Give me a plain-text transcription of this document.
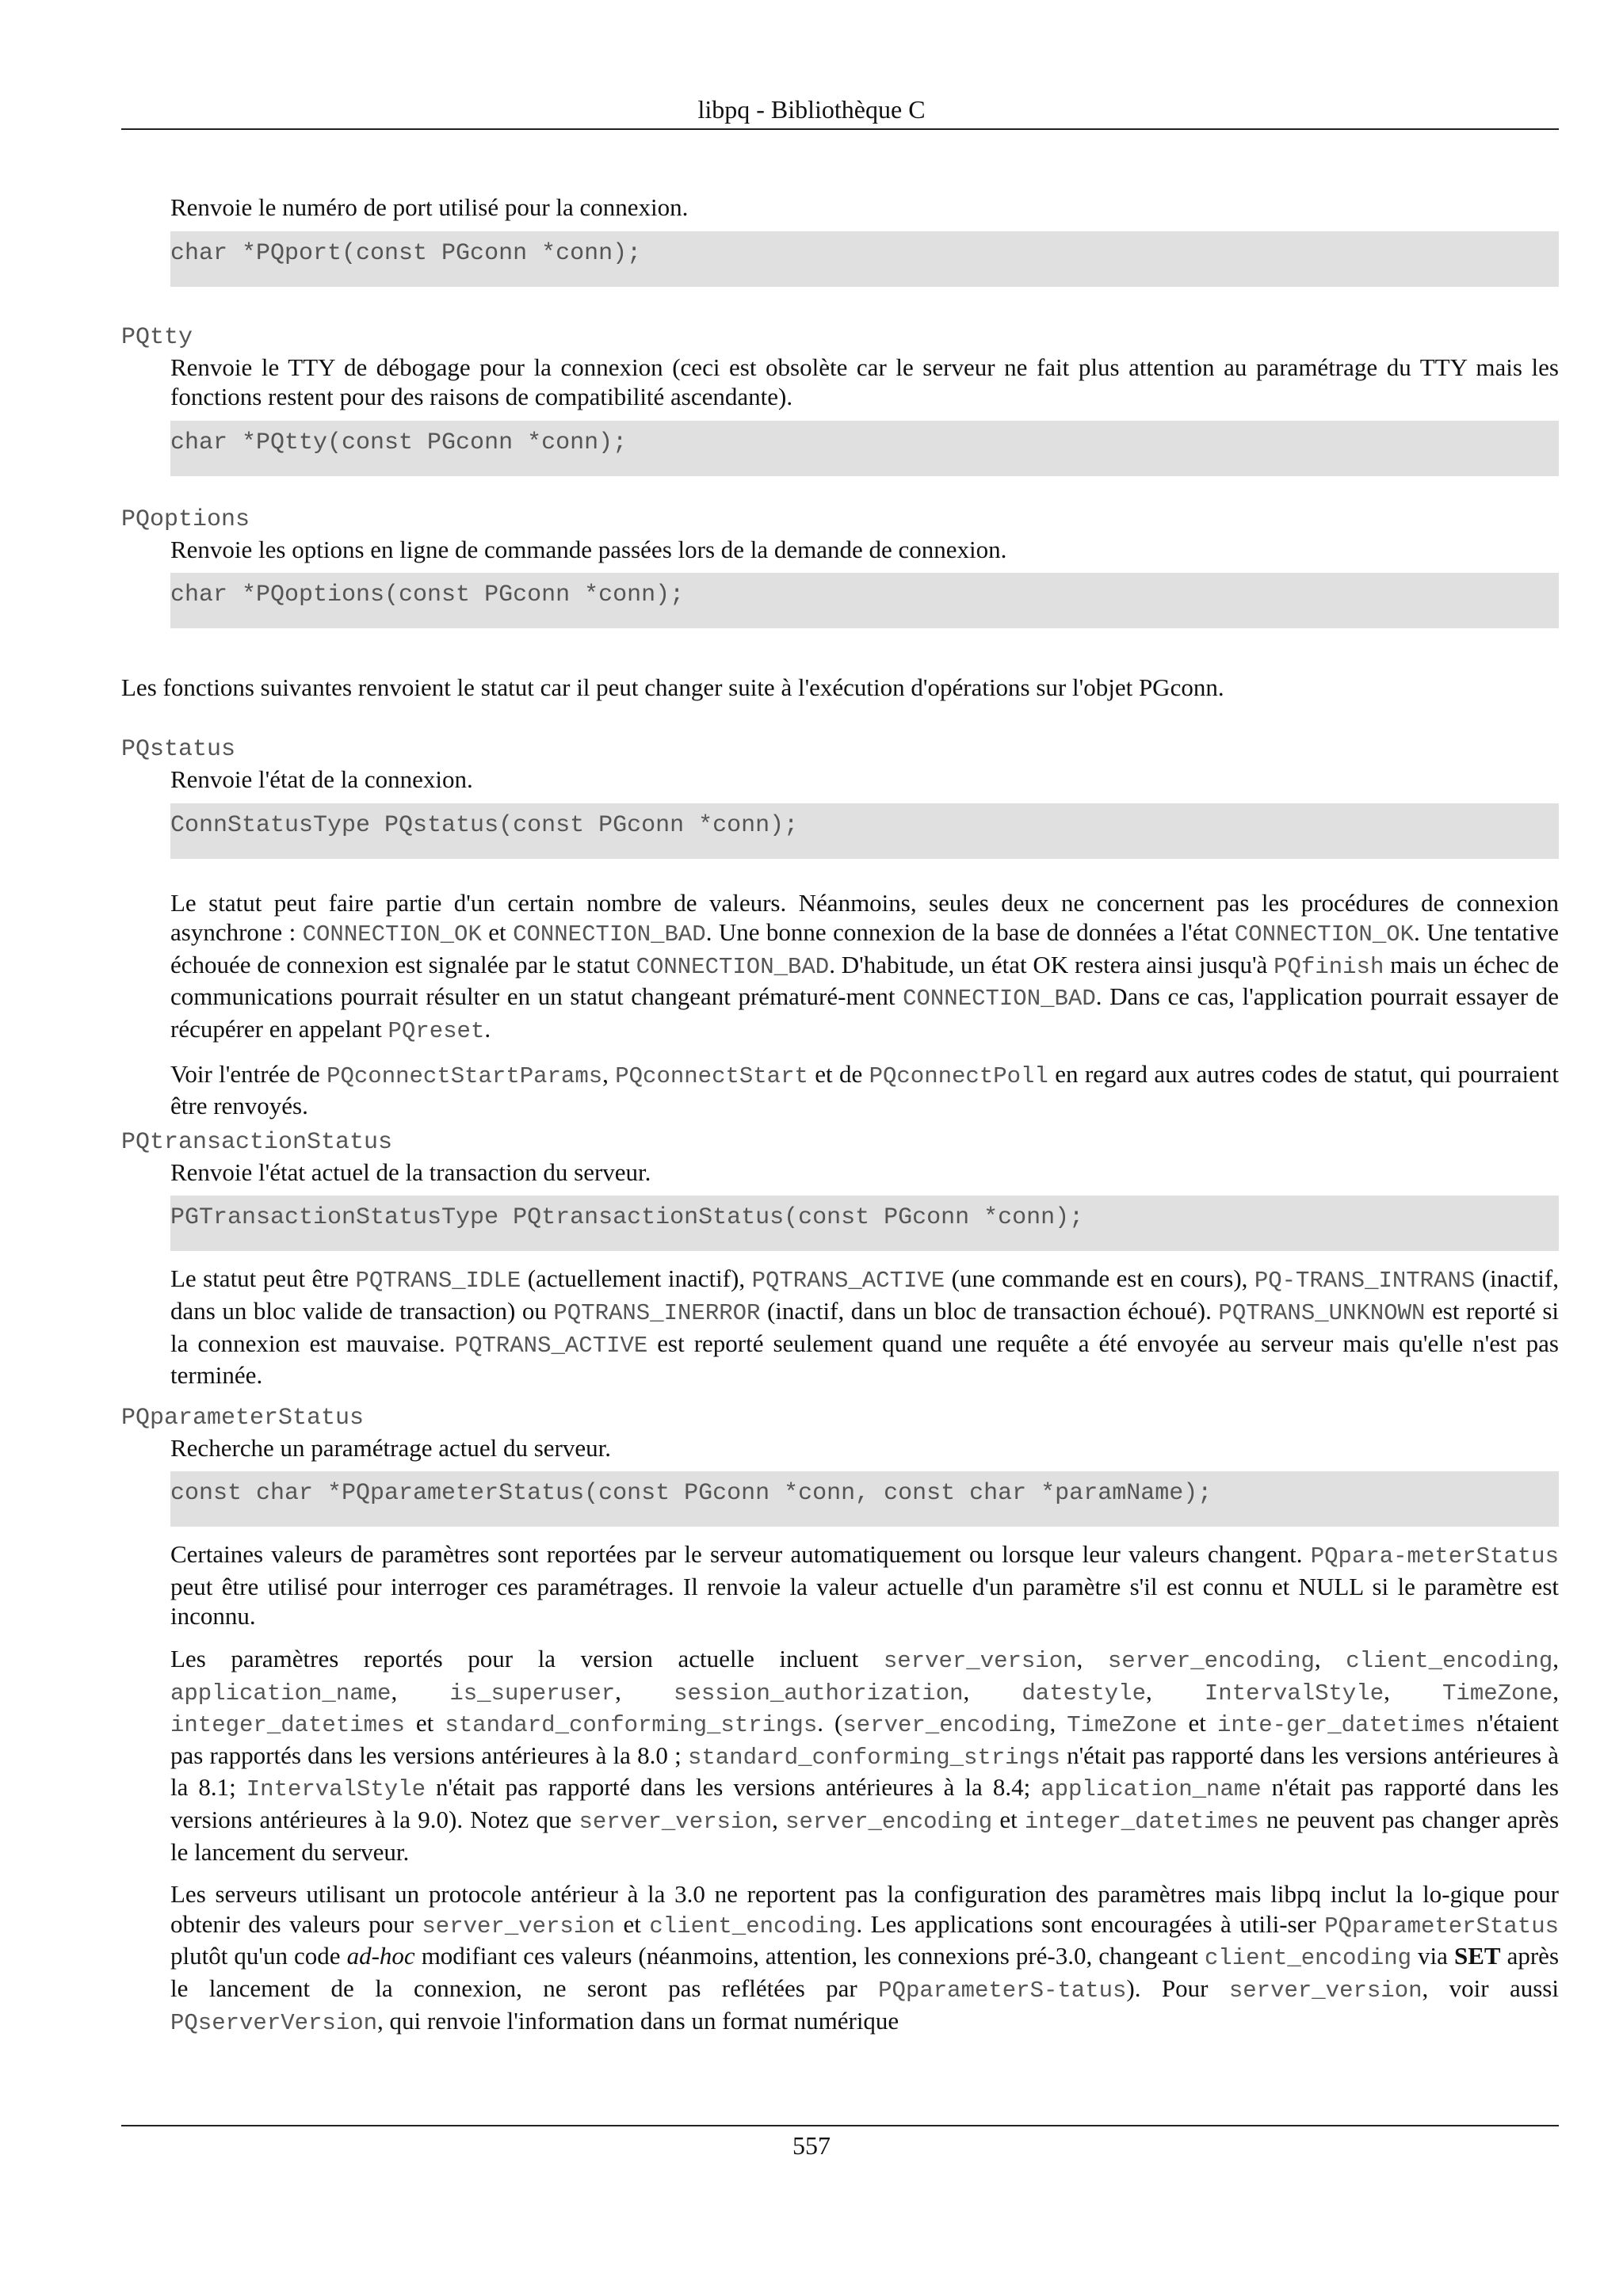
libpq - Bibliothèque C

Renvoie le numéro de port utilisé pour la connexion.

char *PQport(const PGconn *conn);
PQtty

Renvoie le TTY de débogage pour la connexion (ceci est obsolète car le serveur ne fait plus attention au paramétrage du TTY mais les fonctions restent pour des raisons de compatibilité ascendante).

char *PQtty(const PGconn *conn);
PQoptions

Renvoie les options en ligne de commande passées lors de la demande de connexion.

char *PQoptions(const PGconn *conn);

Les fonctions suivantes renvoient le statut car il peut changer suite à l'exécution d'opérations sur l'objet PGconn.

PQstatus

Renvoie l'état de la connexion.

ConnStatusType PQstatus(const PGconn *conn);

Le statut peut faire partie d'un certain nombre de valeurs. Néanmoins, seules deux ne concernent pas les procédures de connexion asynchrone : CONNECTION_OK et CONNECTION_BAD. Une bonne connexion de la base de données a l'état CONNECTION_OK. Une tentative échouée de connexion est signalée par le statut CONNECTION_BAD. D'habitude, un état OK restera ainsi jusqu'à PQfinish mais un échec de communications pourrait résulter en un statut changeant prématuré-ment CONNECTION_BAD. Dans ce cas, l'application pourrait essayer de récupérer en appelant PQreset.

Voir l'entrée de PQconnectStartParams, PQconnectStart et de PQconnectPoll en regard aux autres codes de statut, qui pourraient être renvoyés.

PQtransactionStatus

Renvoie l'état actuel de la transaction du serveur.

PGTransactionStatusType PQtransactionStatus(const PGconn *conn);

Le statut peut être PQTRANS_IDLE (actuellement inactif), PQTRANS_ACTIVE (une commande est en cours), PQ-TRANS_INTRANS (inactif, dans un bloc valide de transaction) ou PQTRANS_INERROR (inactif, dans un bloc de transaction échoué). PQTRANS_UNKNOWN est reporté si la connexion est mauvaise. PQTRANS_ACTIVE est reporté seulement quand une requête a été envoyée au serveur mais qu'elle n'est pas terminée.

PQparameterStatus

Recherche un paramétrage actuel du serveur.

const char *PQparameterStatus(const PGconn *conn, const char *paramName);

Certaines valeurs de paramètres sont reportées par le serveur automatiquement ou lorsque leur valeurs changent. PQpara-meterStatus peut être utilisé pour interroger ces paramétrages. Il renvoie la valeur actuelle d'un paramètre s'il est connu et NULL si le paramètre est inconnu.

Les paramètres reportés pour la version actuelle incluent server_version, server_encoding, client_encoding, application_name, is_superuser, session_authorization, datestyle, IntervalStyle, TimeZone, integer_datetimes et standard_conforming_strings. (server_encoding, TimeZone et inte-ger_datetimes n'étaient pas rapportés dans les versions antérieures à la 8.0 ; standard_conforming_strings n'était pas rapporté dans les versions antérieures à la 8.1; IntervalStyle n'était pas rapporté dans les versions antérieures à la 8.4; application_name n'était pas rapporté dans les versions antérieures à la 9.0). Notez que server_version, server_encoding et integer_datetimes ne peuvent pas changer après le lancement du serveur.

Les serveurs utilisant un protocole antérieur à la 3.0 ne reportent pas la configuration des paramètres mais libpq inclut la lo-gique pour obtenir des valeurs pour server_version et client_encoding. Les applications sont encouragées à utili-ser PQparameterStatus plutôt qu'un code ad-hoc modifiant ces valeurs (néanmoins, attention, les connexions pré-3.0, changeant client_encoding via SET après le lancement de la connexion, ne seront pas reflétées par PQparameterS-tatus). Pour server_version, voir aussi PQserverVersion, qui renvoie l'information dans un format numérique

557
